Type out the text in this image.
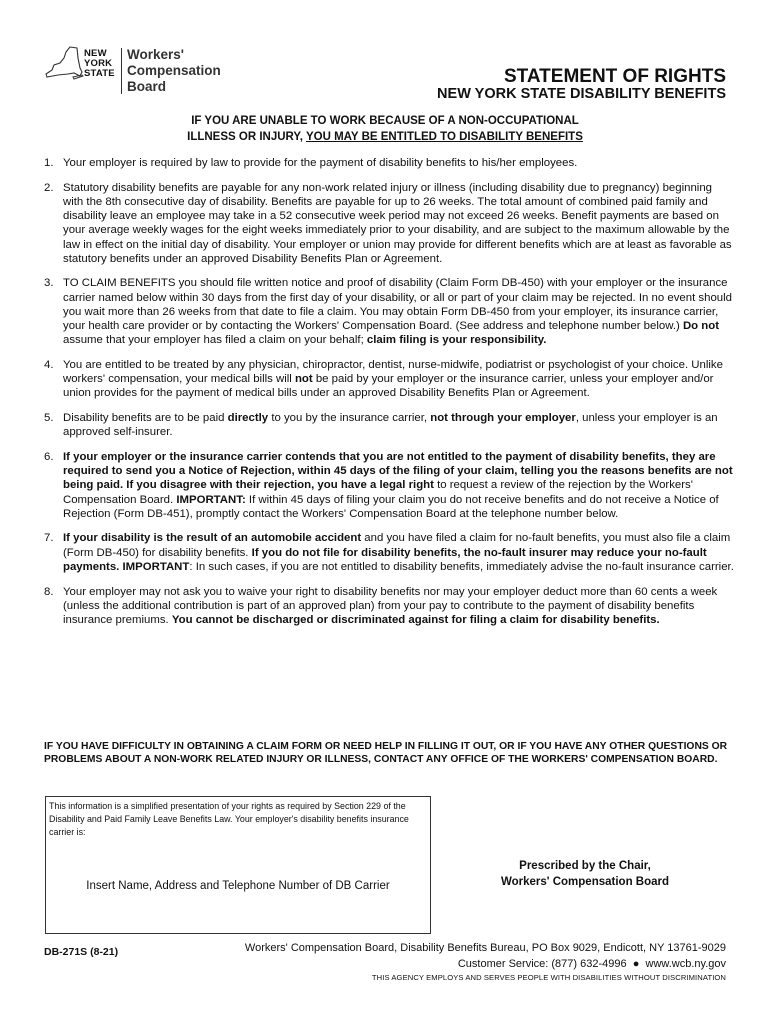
NEW
YORK
STATE
Workers'
Compensation
Board	STATEMENT OF RIGHTS
NEW YORK STATE DISABILITY BENEFITS
IF YOU ARE UNABLE TO WORK BECAUSE OF A NON-OCCUPATIONAL
ILLNESS OR INJURY, YOU MAY BE ENTITLED TO DISABILITY BENEFITS
1. Your employer is required by law to provide for the payment of disability benefits to his/her employees.
2. Statutory disability benefits are payable for any non-work related injury or illness (including disability due to pregnancy) beginning with the 8th consecutive day of disability. Benefits are payable for up to 26 weeks. The total amount of combined paid family and disability leave an employee may take in a 52 consecutive week period may not exceed 26 weeks. Benefit payments are based on your average weekly wages for the eight weeks immediately prior to your disability, and are subject to the maximum allowable by the law in effect on the initial day of disability. Your employer or union may provide for different benefits which are at least as favorable as statutory benefits under an approved Disability Benefits Plan or Agreement.
3. TO CLAIM BENEFITS you should file written notice and proof of disability (Claim Form DB-450) with your employer or the insurance carrier named below within 30 days from the first day of your disability, or all or part of your claim may be rejected. In no event should you wait more than 26 weeks from that date to file a claim. You may obtain Form DB-450 from your employer, its insurance carrier, your health care provider or by contacting the Workers' Compensation Board. (See address and telephone number below.) Do not assume that your employer has filed a claim on your behalf; claim filing is your responsibility.
4. You are entitled to be treated by any physician, chiropractor, dentist, nurse-midwife, podiatrist or psychologist of your choice. Unlike workers' compensation, your medical bills will not be paid by your employer or the insurance carrier, unless your employer and/or union provides for the payment of medical bills under an approved Disability Benefits Plan or Agreement.
5. Disability benefits are to be paid directly to you by the insurance carrier, not through your employer, unless your employer is an approved self-insurer.
6. If your employer or the insurance carrier contends that you are not entitled to the payment of disability benefits, they are required to send you a Notice of Rejection, within 45 days of the filing of your claim, telling you the reasons benefits are not being paid. If you disagree with their rejection, you have a legal right to request a review of the rejection by the Workers' Compensation Board. IMPORTANT: If within 45 days of filing your claim you do not receive benefits and do not receive a Notice of Rejection (Form DB-451), promptly contact the Workers' Compensation Board at the telephone number below.
7. If your disability is the result of an automobile accident and you have filed a claim for no-fault benefits, you must also file a claim (Form DB-450) for disability benefits. If you do not file for disability benefits, the no-fault insurer may reduce your no-fault payments. IMPORTANT: In such cases, if you are not entitled to disability benefits, immediately advise the no-fault insurance carrier.
8. Your employer may not ask you to waive your right to disability benefits nor may your employer deduct more than 60 cents a week (unless the additional contribution is part of an approved plan) from your pay to contribute to the payment of disability benefits insurance premiums. You cannot be discharged or discriminated against for filing a claim for disability benefits.
IF YOU HAVE DIFFICULTY IN OBTAINING A CLAIM FORM OR NEED HELP IN FILLING IT OUT, OR IF YOU HAVE ANY OTHER QUESTIONS OR PROBLEMS ABOUT A NON-WORK RELATED INJURY OR ILLNESS, CONTACT ANY OFFICE OF THE WORKERS' COMPENSATION BOARD.
This information is a simplified presentation of your rights as required by Section 229 of the Disability and Paid Family Leave Benefits Law. Your employer's disability benefits insurance carrier is:
Insert Name, Address and Telephone Number of DB Carrier
Prescribed by the Chair,
Workers' Compensation Board
DB-271S (8-21)	Workers' Compensation Board, Disability Benefits Bureau, PO Box 9029, Endicott, NY 13761-9029
Customer Service: (877) 632-4996 ● www.wcb.ny.gov
THIS AGENCY EMPLOYS AND SERVES PEOPLE WITH DISABILITIES WITHOUT DISCRIMINATION
